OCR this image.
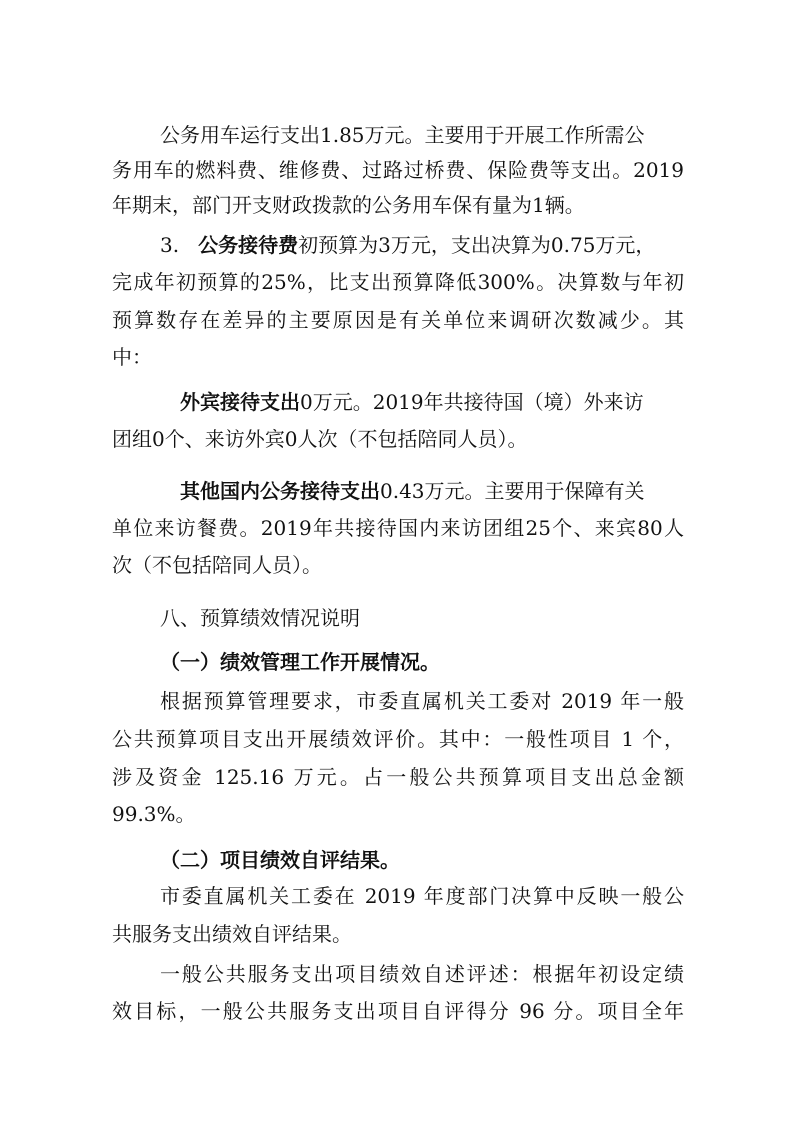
公务用车运行支出1.85万元。主要用于开展工作所需公
务用车的燃料费、维修费、过路过桥费、保险费等支出。2019
年期末，部门开支财政拨款的公务用车保有量为1辆。
3. 公务接待费初预算为3万元，支出决算为0.75万元，
完成年初预算的25%，比支出预算降低300%。决算数与年初
预算数存在差异的主要原因是有关单位来调研次数减少。其
中：
外宾接待支出0万元。2019年共接待国（境）外来访
团组0个、来访外宾0人次（不包括陪同人员）。
其他国内公务接待支出0.43万元。主要用于保障有关
单位来访餐费。2019年共接待国内来访团组25个、来宾80人
次（不包括陪同人员）。
八、预算绩效情况说明
（一）绩效管理工作开展情况。
根据预算管理要求，市委直属机关工委对 2019 年一般
公共预算项目支出开展绩效评价。其中：一般性项目 1 个，
涉及资金 125.16 万元。占一般公共预算项目支出总金额
99.3%。
（二）项目绩效自评结果。
市委直属机关工委在 2019 年度部门决算中反映一般公
共服务支出绩效自评结果。
一般公共服务支出项目绩效自述评述：根据年初设定绩
效目标，一般公共服务支出项目自评得分 96 分。项目全年
